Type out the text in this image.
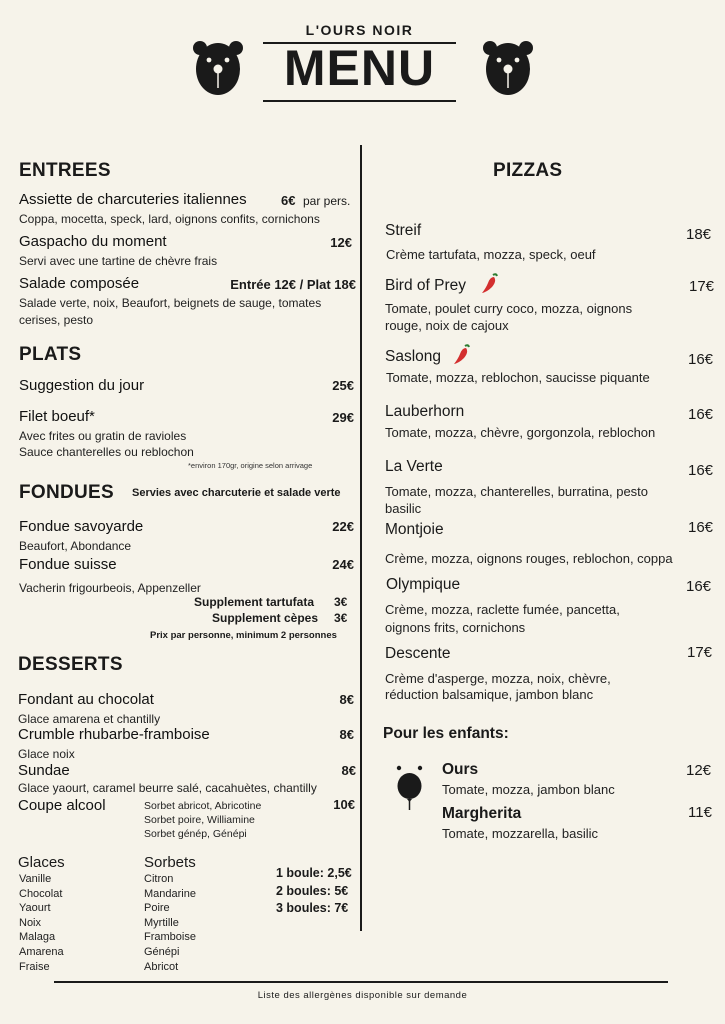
L'OURS NOIR
MENU
ENTREES
Assiette de charcuteries italiennes	6€ par pers.
Coppa, mocetta, speck, lard, oignons confits, cornichons
Gaspacho du moment	12€
Servi avec une tartine de chèvre frais
Salade composée	Entrée 12€ / Plat 18€
Salade verte, noix, Beaufort, beignets de sauge, tomates
cerises, pesto
PLATS
Suggestion du jour	25€
Filet boeuf*	29€
Avec frites ou gratin de ravioles
Sauce chanterelles ou reblochon
*environ 170gr, origine selon arrivage
FONDUES Servies avec charcuterie et salade verte
Fondue savoyarde	22€
Beaufort, Abondance
Fondue suisse	24€
Vacherin frigourbeois, Appenzeller
Supplement tartufata 3€
Supplement cèpes 3€
Prix par personne, minimum 2 personnes
DESSERTS
Fondant au chocolat	8€
Glace amarena et chantilly
Crumble rhubarbe-framboise	8€
Glace noix
Sundae	8€
Glace yaourt, caramel beurre salé, cacahuètes, chantilly
Coupe alcool	10€
Sorbet abricot, Abricotine
Sorbet poire, Williamine
Sorbet génép, Génépi
Glaces
Vanille
Chocolat
Yaourt
Noix
Malaga
Amarena
Fraise
Sorbets
Citron
Mandarine
Poire
Myrtille
Framboise
Génépi
Abricot
1 boule: 2,5€
2 boules: 5€
3 boules: 7€
PIZZAS
Streif	18€
Crème tartufata, mozza, speck, oeuf
Bird of Prey	17€
Tomate, poulet curry coco, mozza, oignons
rouge, noix de cajoux
Saslong	16€
Tomate, mozza, reblochon, saucisse piquante
Lauberhorn	16€
Tomate, mozza, chèvre, gorgonzola, reblochon
La Verte	16€
Tomate, mozza, chanterelles, burratina, pesto
basilic
Montjoie	16€
Crème, mozza, oignons rouges, reblochon, coppa
Olympique	16€
Crème, mozza, raclette fumée, pancetta,
oignons frits, cornichons
Descente	17€
Crème d'asperge, mozza, noix, chèvre,
réduction balsamique, jambon blanc
Pour les enfants:
Ours	12€
Tomate, mozza, jambon blanc
Margherita	11€
Tomate, mozzarella, basilic
Liste des allergènes disponible sur demande
